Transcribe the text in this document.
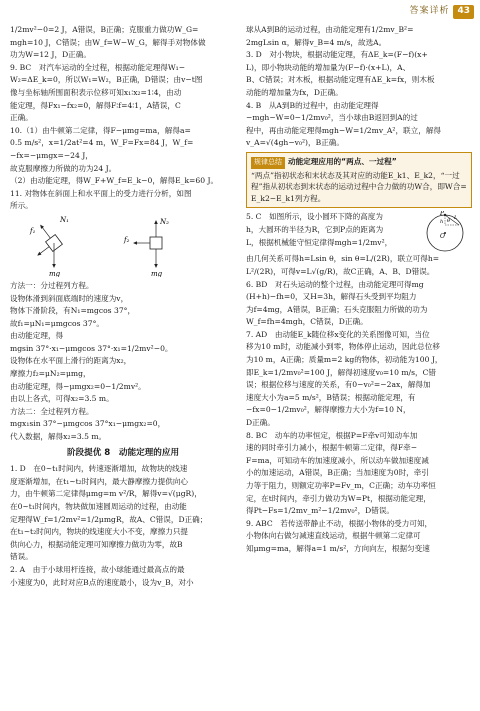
答案详析 43

1/2mv²−0=2 J，A错误，B正确；克服重力做功W_G=

mgh=10 J，C错误；由W_f=W−W_G，解得手对物体做

功为W=12 J，D正确。

9. BC　对汽车运动的全过程，根据动能定理得W₁−

W₂=ΔE_k=0，所以W₁=W₂，B正确，D错误；由v−t图

像与坐标轴所围面积表示位移可知x₁∶x₂=1∶4，由动

能定理，得Fx₁−fx₂=0，解得F∶f=4∶1，A错误，C

正确。

10.（1）由牛顿第二定律，得F−μmg=ma，解得a=

0.5 m/s²，x=1/2at²=4 m，W_F=Fx=84 J，W_f=

−fx=−μmgx=−24 J，

故克服摩擦力所做的功为24 J。

（2）由动能定理，得W_F+W_f=E_k−0，解得E_k=60 J。

11. 对物体在斜面上和水平面上的受力进行分析，如图

所示。

f₁
N₁
mg
f₂
N₂
mg

方法一：分过程列方程。

设物体滑到斜面底端时的速度为v，

物体下滑阶段，有N₁=mgcos 37°，

故f₁=μN₁=μmgcos 37°。

由动能定理，得

mgsin 37°·x₁−μmgcos 37°·x₁=1/2mv²−0。

设物体在水平面上滑行的距离为x₂，

摩擦力f₂=μN₂=μmg，

由动能定理，得−μmgx₂=0−1/2mv²。

由以上各式，可得x₂=3.5 m。

方法二：全过程列方程。

mgx₁sin 37°−μmgcos 37°x₁−μmgx₂=0，

代入数据，解得x₂=3.5 m。

阶段提优 8　动能定理的应用

1. D　在0~t₁时间内，转速逐渐增加，故物块的线速

度逐渐增加，在t₁~t₂时间内，最大静摩擦力提供向心

力，由牛顿第二定律得μmg=m v²/R，解得v=√(μgR)，

在0~t₁时间内，物块做加速圆周运动的过程，由动能

定理得W_f=1/2mv²=1/2μmgR，故A、C错误，D正确；

在t₁~t₂时间内，物块的线速度大小不变，摩擦力只提

供向心力，根据动能定理可知摩擦力做功为零，故B

错误。

2. A　由于小球用杆连接，故小球能通过最高点的最

小速度为0，此时对应B点的速度最小，设为v_B，对小

球从A到B的运动过程，由动能定理有1/2mv_B²=

2mgLsin α，解得v_B=4 m/s，故选A。

3. D　对小物块，根据动能定理，有ΔE_k=(F−f)(x+

L)，即小物块动能的增加量为(F−f)·(x+L)，A、

B、C错误；对木板，根据动能定理有ΔE_k=fx，则木板

动能的增加量为fx，D正确。

4. B　从A到B的过程中，由动能定理得

−mgh−W=0−1/2mv₀²，当小球由B返回到A的过

程中，再由动能定理得mgh−W=1/2mv_A²，联立，解得

v_A=√(4gh−v₀²)，B正确。

规律总结 动能定理应用的“两点、一过程”

“两点”指初状态和末状态及其对应的动能E_k1、E_k2，“一过程”指从初状态到末状态的运动过程中合力做的功W合，即W合=E_k2−E_k1列方程。

5. C　如图所示，设小圆环下降的高度为

h，大圆环的半径为R，它到P点的距离为

L，根据机械能守恒定律得mgh=1/2mv²，

P
O
θ
h
L

由几何关系可得h=Lsin θ，sin θ=L/(2R)，联立可得h=

L²/(2R)，可得v=L√(g/R)，故C正确，A、B、D错误。

6. BD　对石头运动的整个过程，由动能定理可得mg

(H+h)−fh=0，又H=3h，解得石头受到平均阻力

为f=4mg，A错误，B正确；石头克服阻力所做的功为

W_f=fh=4mgh，C错误，D正确。

7. AD　由动能E_k随位移x变化的关系图像可知，当位

移为10 m时，动能减小到零，物体停止运动，因此总位移

为10 m，A正确；质量m=2 kg的物体，初动能为100 J，

即E_k=1/2mv₀²=100 J，解得初速度v₀=10 m/s，C错

误；根据位移与速度的关系，有0−v₀²=−2ax，解得加

速度大小为a=5 m/s²，B错误；根据动能定理，有

−fx=0−1/2mv₀²，解得摩擦力大小为f=10 N，

D正确。

8. BC　动车的功率恒定，根据P=F牵v可知动车加

速的同时牵引力减小，根据牛顿第二定律，得F牵−

F=ma，可知动车的加速度减小，所以动车做加速度减

小的加速运动，A错误，B正确；当加速度为0时，牵引

力等于阻力，则额定功率P=Fv_m，C正确；动车功率恒

定，在t时间内，牵引力做功为W=Pt，根据动能定理，

得Pt−Fs=1/2mv_m²−1/2mv₀²，D错误。

9. ABC　若传送带静止不动，根据小物体的受力可知，

小物体向右做匀减速直线运动，根据牛顿第二定律可

知μmg=ma，解得a=1 m/s²，方向向左，根据匀变速
